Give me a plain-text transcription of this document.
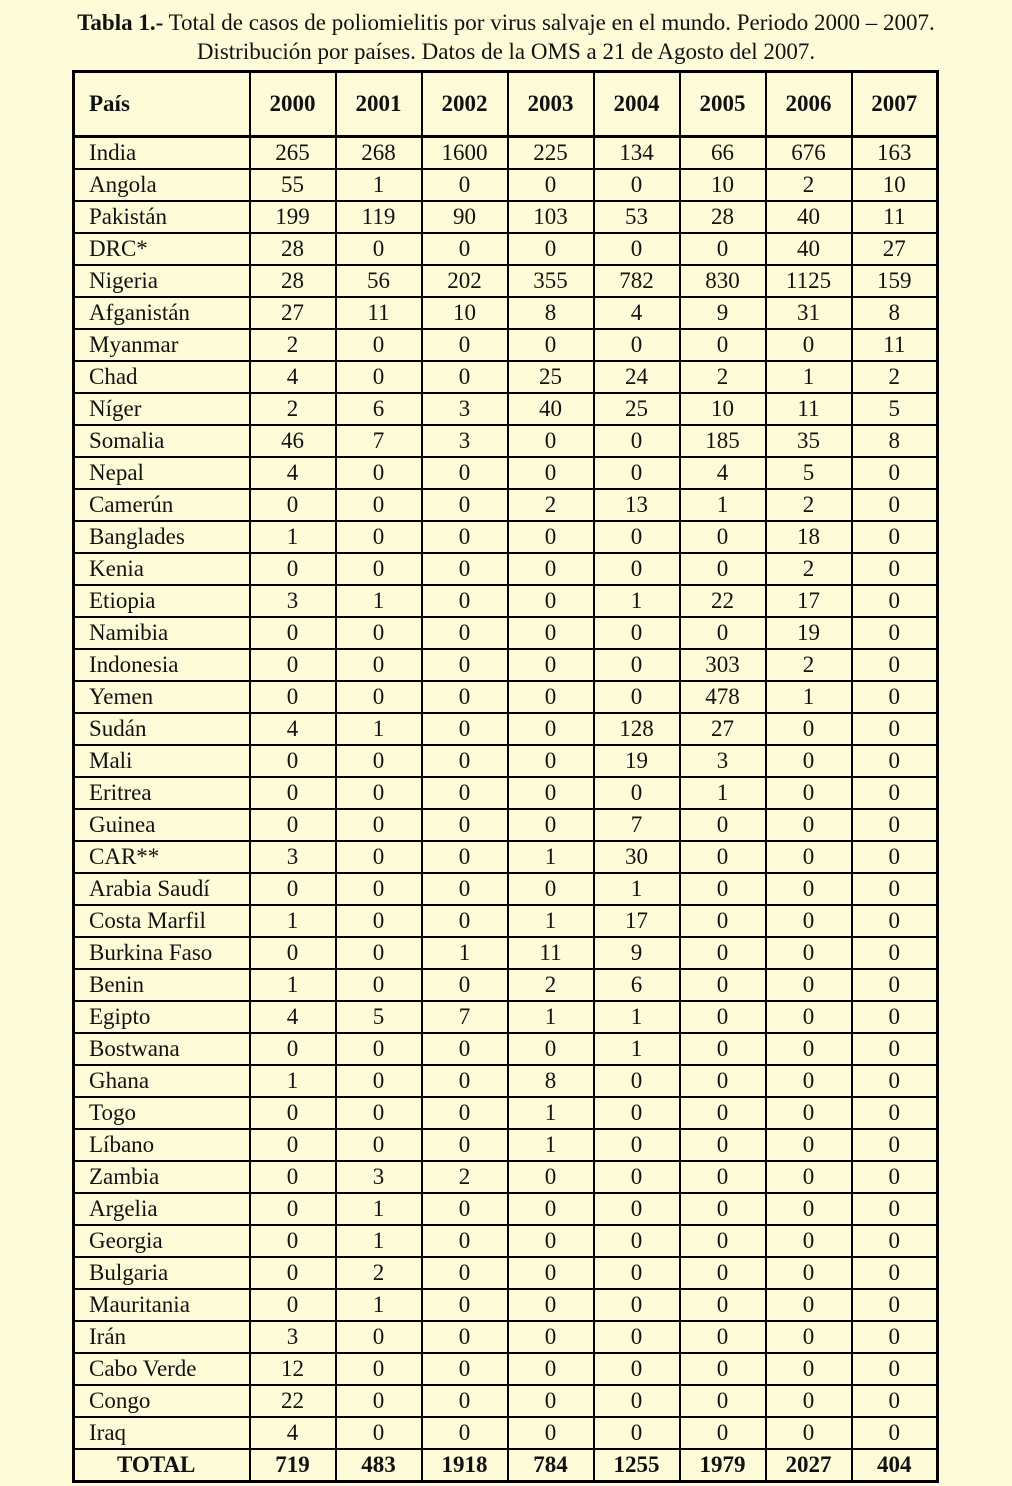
Tabla 1.- Total de casos de poliomielitis por virus salvaje en el mundo. Periodo 2000 – 2007.
Distribución por países. Datos de la OMS a 21 de Agosto del 2007.
País	2000	2001	2002	2003	2004	2005	2006	2007
India	265	268	1600	225	134	66	676	163
Angola	55	1	0	0	0	10	2	10
Pakistán	199	119	90	103	53	28	40	11
DRC*	28	0	0	0	0	0	40	27
Nigeria	28	56	202	355	782	830	1125	159
Afganistán	27	11	10	8	4	9	31	8
Myanmar	2	0	0	0	0	0	0	11
Chad	4	0	0	25	24	2	1	2
Níger	2	6	3	40	25	10	11	5
Somalia	46	7	3	0	0	185	35	8
Nepal	4	0	0	0	0	4	5	0
Camerún	0	0	0	2	13	1	2	0
Banglades	1	0	0	0	0	0	18	0
Kenia	0	0	0	0	0	0	2	0
Etiopia	3	1	0	0	1	22	17	0
Namibia	0	0	0	0	0	0	19	0
Indonesia	0	0	0	0	0	303	2	0
Yemen	0	0	0	0	0	478	1	0
Sudán	4	1	0	0	128	27	0	0
Mali	0	0	0	0	19	3	0	0
Eritrea	0	0	0	0	0	1	0	0
Guinea	0	0	0	0	7	0	0	0
CAR**	3	0	0	1	30	0	0	0
Arabia Saudí	0	0	0	0	1	0	0	0
Costa Marfil	1	0	0	1	17	0	0	0
Burkina Faso	0	0	1	11	9	0	0	0
Benin	1	0	0	2	6	0	0	0
Egipto	4	5	7	1	1	0	0	0
Bostwana	0	0	0	0	1	0	0	0
Ghana	1	0	0	8	0	0	0	0
Togo	0	0	0	1	0	0	0	0
Líbano	0	0	0	1	0	0	0	0
Zambia	0	3	2	0	0	0	0	0
Argelia	0	1	0	0	0	0	0	0
Georgia	0	1	0	0	0	0	0	0
Bulgaria	0	2	0	0	0	0	0	0
Mauritania	0	1	0	0	0	0	0	0
Irán	3	0	0	0	0	0	0	0
Cabo Verde	12	0	0	0	0	0	0	0
Congo	22	0	0	0	0	0	0	0
Iraq	4	0	0	0	0	0	0	0
TOTAL	719	483	1918	784	1255	1979	2027	404
